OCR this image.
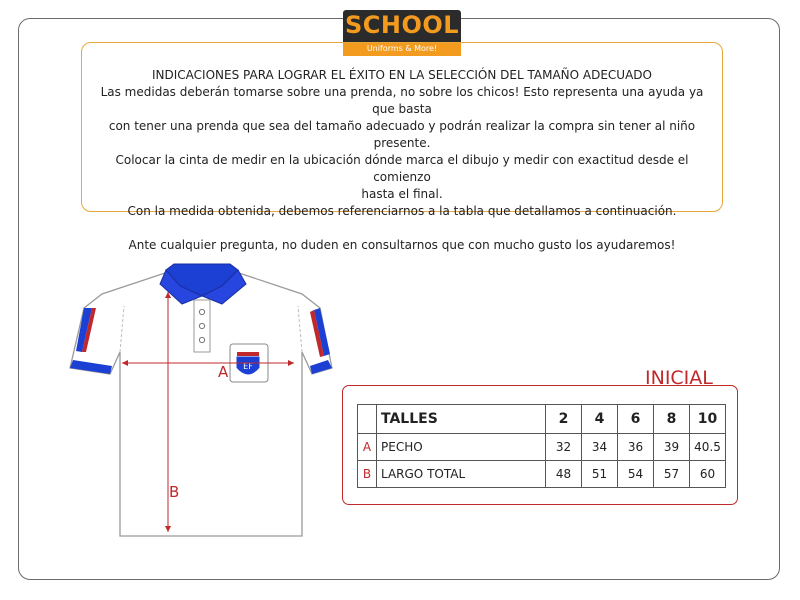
SCHOOL
Uniforms & More!

INDICACIONES PARA LOGRAR EL ÉXITO EN LA SELECCIÓN DEL TAMAÑO ADECUADO

Las medidas deberán tomarse sobre una prenda, no sobre los chicos! Esto representa una ayuda ya que basta

con tener una prenda que sea del tamaño adecuado y podrán realizar la compra sin tener al niño presente.

Colocar la cinta de medir en la ubicación dónde marca el dibujo y medir con exactitud desde el comienzo

hasta el final.

Con la medida obtenida, debemos referenciarnos a la tabla que detallamos a continuación.

Ante cualquier pregunta, no duden en consultarnos que con mucho gusto los ayudaremos!

EF
A
B
INICIAL
	TALLES	2	4	6	8	10
A	PECHO	32	34	36	39	40.5
B	LARGO TOTAL	48	51	54	57	60
